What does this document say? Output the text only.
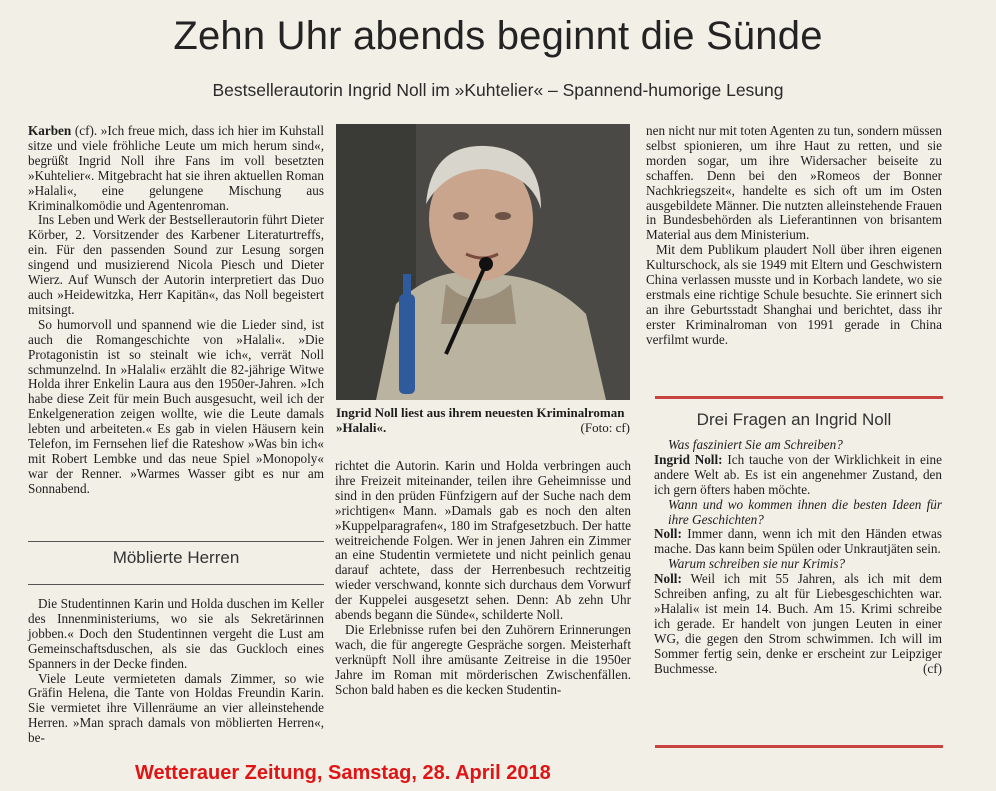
Zehn Uhr abends beginnt die Sünde
Bestsellerautorin Ingrid Noll im »Kuhtelier« – Spannend-humorige Lesung

Karben (cf). »Ich freue mich, dass ich hier im Kuhstall sitze und viele fröhliche Leute um mich herum sind«, begrüßt Ingrid Noll ihre Fans im voll besetzten »Kuhtelier«. Mitgebracht hat sie ihren aktuellen Roman »Halali«, eine gelungene Mischung aus Kriminalkomödie und Agentenroman.

Ins Leben und Werk der Bestsellerautorin führt Dieter Körber, 2. Vorsitzender des Karbener Literaturtreffs, ein. Für den passenden Sound zur Lesung sorgen singend und musizierend Nicola Piesch und Dieter Wierz. Auf Wunsch der Autorin interpretiert das Duo auch »Heidewitzka, Herr Kapitän«, das Noll begeistert mitsingt.

So humorvoll und spannend wie die Lieder sind, ist auch die Romangeschichte von »Halali«. »Die Protagonistin ist so steinalt wie ich«, verrät Noll schmunzelnd. In »Halali« erzählt die 82-jährige Witwe Holda ihrer Enkelin Laura aus den 1950er-Jahren. »Ich habe diese Zeit für mein Buch ausgesucht, weil ich der Enkelgeneration zeigen wollte, wie die Leute damals lebten und arbeiteten.« Es gab in vielen Häusern kein Telefon, im Fernsehen lief die Rateshow »Was bin ich« mit Robert Lembke und das neue Spiel »Monopoly« war der Renner. »Warmes Wasser gibt es nur am Sonnabend.

Möblierte Herren

Die Studentinnen Karin und Holda duschen im Keller des Innenministeriums, wo sie als Sekretärinnen jobben.« Doch den Studentinnen vergeht die Lust am Gemeinschaftsduschen, als sie das Guckloch eines Spanners in der Decke finden.

Viele Leute vermieteten damals Zimmer, so wie Gräfin Helena, die Tante von Holdas Freundin Karin. Sie vermietet ihre Villenräume an vier alleinstehende Herren. »Man sprach damals von möblierten Herren«, be-

Ingrid Noll liest aus ihrem neuesten Kriminalroman »Halali«.	(Foto: cf)

richtet die Autorin. Karin und Holda verbringen auch ihre Freizeit miteinander, teilen ihre Geheimnisse und sind in den prüden Fünfzigern auf der Suche nach dem »richtigen« Mann. »Damals gab es noch den alten »Kuppelparagrafen«, 180 im Strafgesetzbuch. Der hatte weitreichende Folgen. Wer in jenen Jahren ein Zimmer an eine Studentin vermietete und nicht peinlich genau darauf achtete, dass der Herrenbesuch rechtzeitig wieder verschwand, konnte sich durchaus dem Vorwurf der Kuppelei ausgesetzt sehen. Denn: Ab zehn Uhr abends begann die Sünde«, schilderte Noll.

Die Erlebnisse rufen bei den Zuhörern Erinnerungen wach, die für angeregte Gespräche sorgen. Meisterhaft verknüpft Noll ihre amüsante Zeitreise in die 1950er Jahre im Roman mit mörderischen Zwischenfällen. Schon bald haben es die kecken Studentin-

nen nicht nur mit toten Agenten zu tun, sondern müssen selbst spionieren, um ihre Haut zu retten, und sie morden sogar, um ihre Widersacher beiseite zu schaffen. Denn bei den »Romeos der Bonner Nachkriegszeit«, handelte es sich oft um im Osten ausgebildete Männer. Die nutzten alleinstehende Frauen in Bundesbehörden als Lieferantinnen von brisantem Material aus dem Ministerium.

Mit dem Publikum plaudert Noll über ihren eigenen Kulturschock, als sie 1949 mit Eltern und Geschwistern China verlassen musste und in Korbach landete, wo sie erstmals eine richtige Schule besuchte. Sie erinnert sich an ihre Geburtsstadt Shanghai und berichtet, dass ihr erster Kriminalroman von 1991 gerade in China verfilmt wurde.

Drei Fragen an Ingrid Noll

Was fasziniert Sie am Schreiben?

Ingrid Noll: Ich tauche von der Wirklichkeit in eine andere Welt ab. Es ist ein angenehmer Zustand, den ich gern öfters haben möchte.

Wann und wo kommen ihnen die besten Ideen für ihre Geschichten?

Noll: Immer dann, wenn ich mit den Händen etwas mache. Das kann beim Spülen oder Unkrautjäten sein.

Warum schreiben sie nur Krimis?

Noll: Weil ich mit 55 Jahren, als ich mit dem Schreiben anfing, zu alt für Liebesgeschichten war. »Halali« ist mein 14. Buch. Am 15. Krimi schreibe ich gerade. Er handelt von jungen Leuten in einer WG, die gegen den Strom schwimmen. Ich will im Sommer fertig sein, denke er erscheint zur Leipziger Buchmesse.	(cf)

Wetterauer Zeitung, Samstag, 28. April 2018
